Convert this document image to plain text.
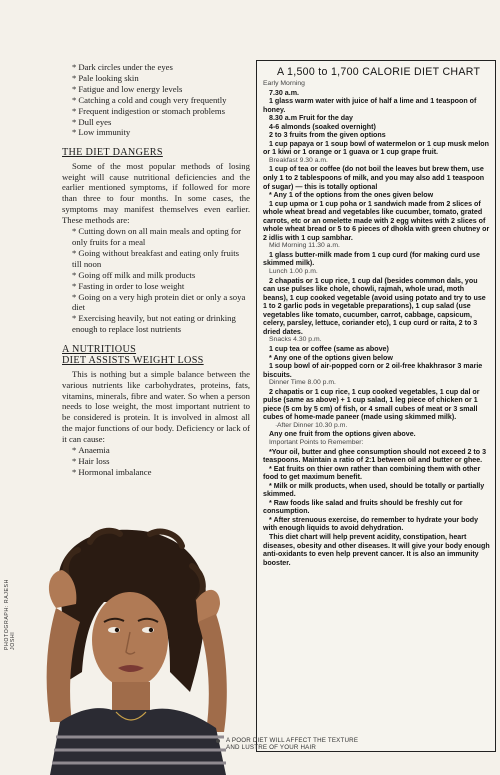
* Dark circles under the eyes
* Pale looking skin
* Fatigue and low energy levels
* Catching a cold and cough very frequently
* Frequent indigestion or stomach problems
* Dull eyes
* Low immunity
THE DIET DANGERS

Some of the most popular methods of losing weight will cause nutritional deficiencies and the earlier mentioned symptoms, if followed for more than three to four months. In some cases, the symptoms may manifest themselves even earlier. These methods are:

* Cutting down on all main meals and opting for only fruits for a meal
* Going without breakfast and eating only fruits till noon
* Going off milk and milk products
* Fasting in order to lose weight
* Going on a very high protein diet or only a soya diet
* Exercising heavily, but not eating or drinking enough to replace lost nutrients
A NUTRITIOUS
DIET ASSISTS WEIGHT LOSS

This is nothing but a simple balance between the various nutrients like carbohydrates, proteins, fats, vitamins, minerals, fibre and water. So when a person needs to lose weight, the most important nutrient to be considered is protein. It is involved in almost all the major functions of our body. Deficiency or lack of it can cause:

* Anaemia
* Hair loss
* Hormonal imbalance
A 1,500 to 1,700 CALORIE DIET CHART

Early Morning

7.30 a.m.

1 glass warm water with juice of half a lime and 1 teaspoon of honey.

8.30 a.m Fruit for the day

4-6 almonds (soaked overnight)

2 to 3 fruits from the given options

1 cup papaya or 1 soup bowl of watermelon or 1 cup musk melon or 1 kiwi or 1 orange or 1 guava or 1 cup grape fruit.

Breakfast 9.30 a.m.

1 cup of tea or coffee (do not boil the leaves but brew them, use only 1 to 2 tablespoons of milk, and you may also add 1 teaspoon of sugar) — this is totally optional

* Any 1 of the options from the ones given below

1 cup upma or 1 cup poha or 1 sandwich made from 2 slices of whole wheat bread and vegetables like cucumber, tomato, grated carrots, etc or an omelette made with 2 egg whites with 2 slices of whole wheat bread or 5 to 6 pieces of dhokla with green chutney or 2 idlis with 1 cup sambhar.

Mid Morning 11.30 a.m.

1 glass butter-milk made from 1 cup curd (for making curd use skimmed milk).

Lunch 1.00 p.m.

2 chapatis or 1 cup rice, 1 cup dal (besides common dals, you can use pulses like chole, chowli, rajmah, whole urad, moth beans), 1 cup cooked vegetable (avoid using potato and try to use 1 to 2 garlic pods in vegetable preparations), 1 cup salad (use vegetables like tomato, cucumber, carrot, cabbage, capsicum, celery, parsley, lettuce, coriander etc), 1 cup curd or raita, 2 to 3 dried dates.

Snacks 4.30 p.m.

1 cup tea or coffee (same as above)

* Any one of the options given below

1 soup bowl of air-popped corn or 2 oil-free khakhrasor 3 marie biscuits.

Dinner Time 8.00 p.m.

2 chapatis or 1 cup rice, 1 cup cooked vegetables, 1 cup dal or pulse (same as above) + 1 cup salad, 1 leg piece of chicken or 1 piece (5 cm by 5 cm) of fish, or 4 small cubes of meat or 3 small cubes of home-made paneer (made using skimmed milk).

·After Dinner 10.30 p.m.

Any one fruit from the options given above.

Important Points to Remember:

*Your oil, butter and ghee consumption should not exceed 2 to 3 teaspoons. Maintain a ratio of 2:1 between oil and butter or ghee.

* Eat fruits on thier own rather than combining them with other food to get maximum benefit.

* Milk or milk products, when used, should be totally or partially skimmed.

* Raw foods like salad and fruits should be freshly cut for consumption.

* After strenuous exercise, do remember to hydrate your body with enough liquids to avoid dehydration.

This diet chart will help prevent acidity, constipation, heart diseases, obesity and other diseases. It will give your body enough anti-oxidants to even help prevent cancer. It is also an immunity booster.

PHOTOGRAPH: RAJESH JOSHI
A POOR DIET WILL AFFECT THE TEXTURE AND LUSTRE OF YOUR HAIR
